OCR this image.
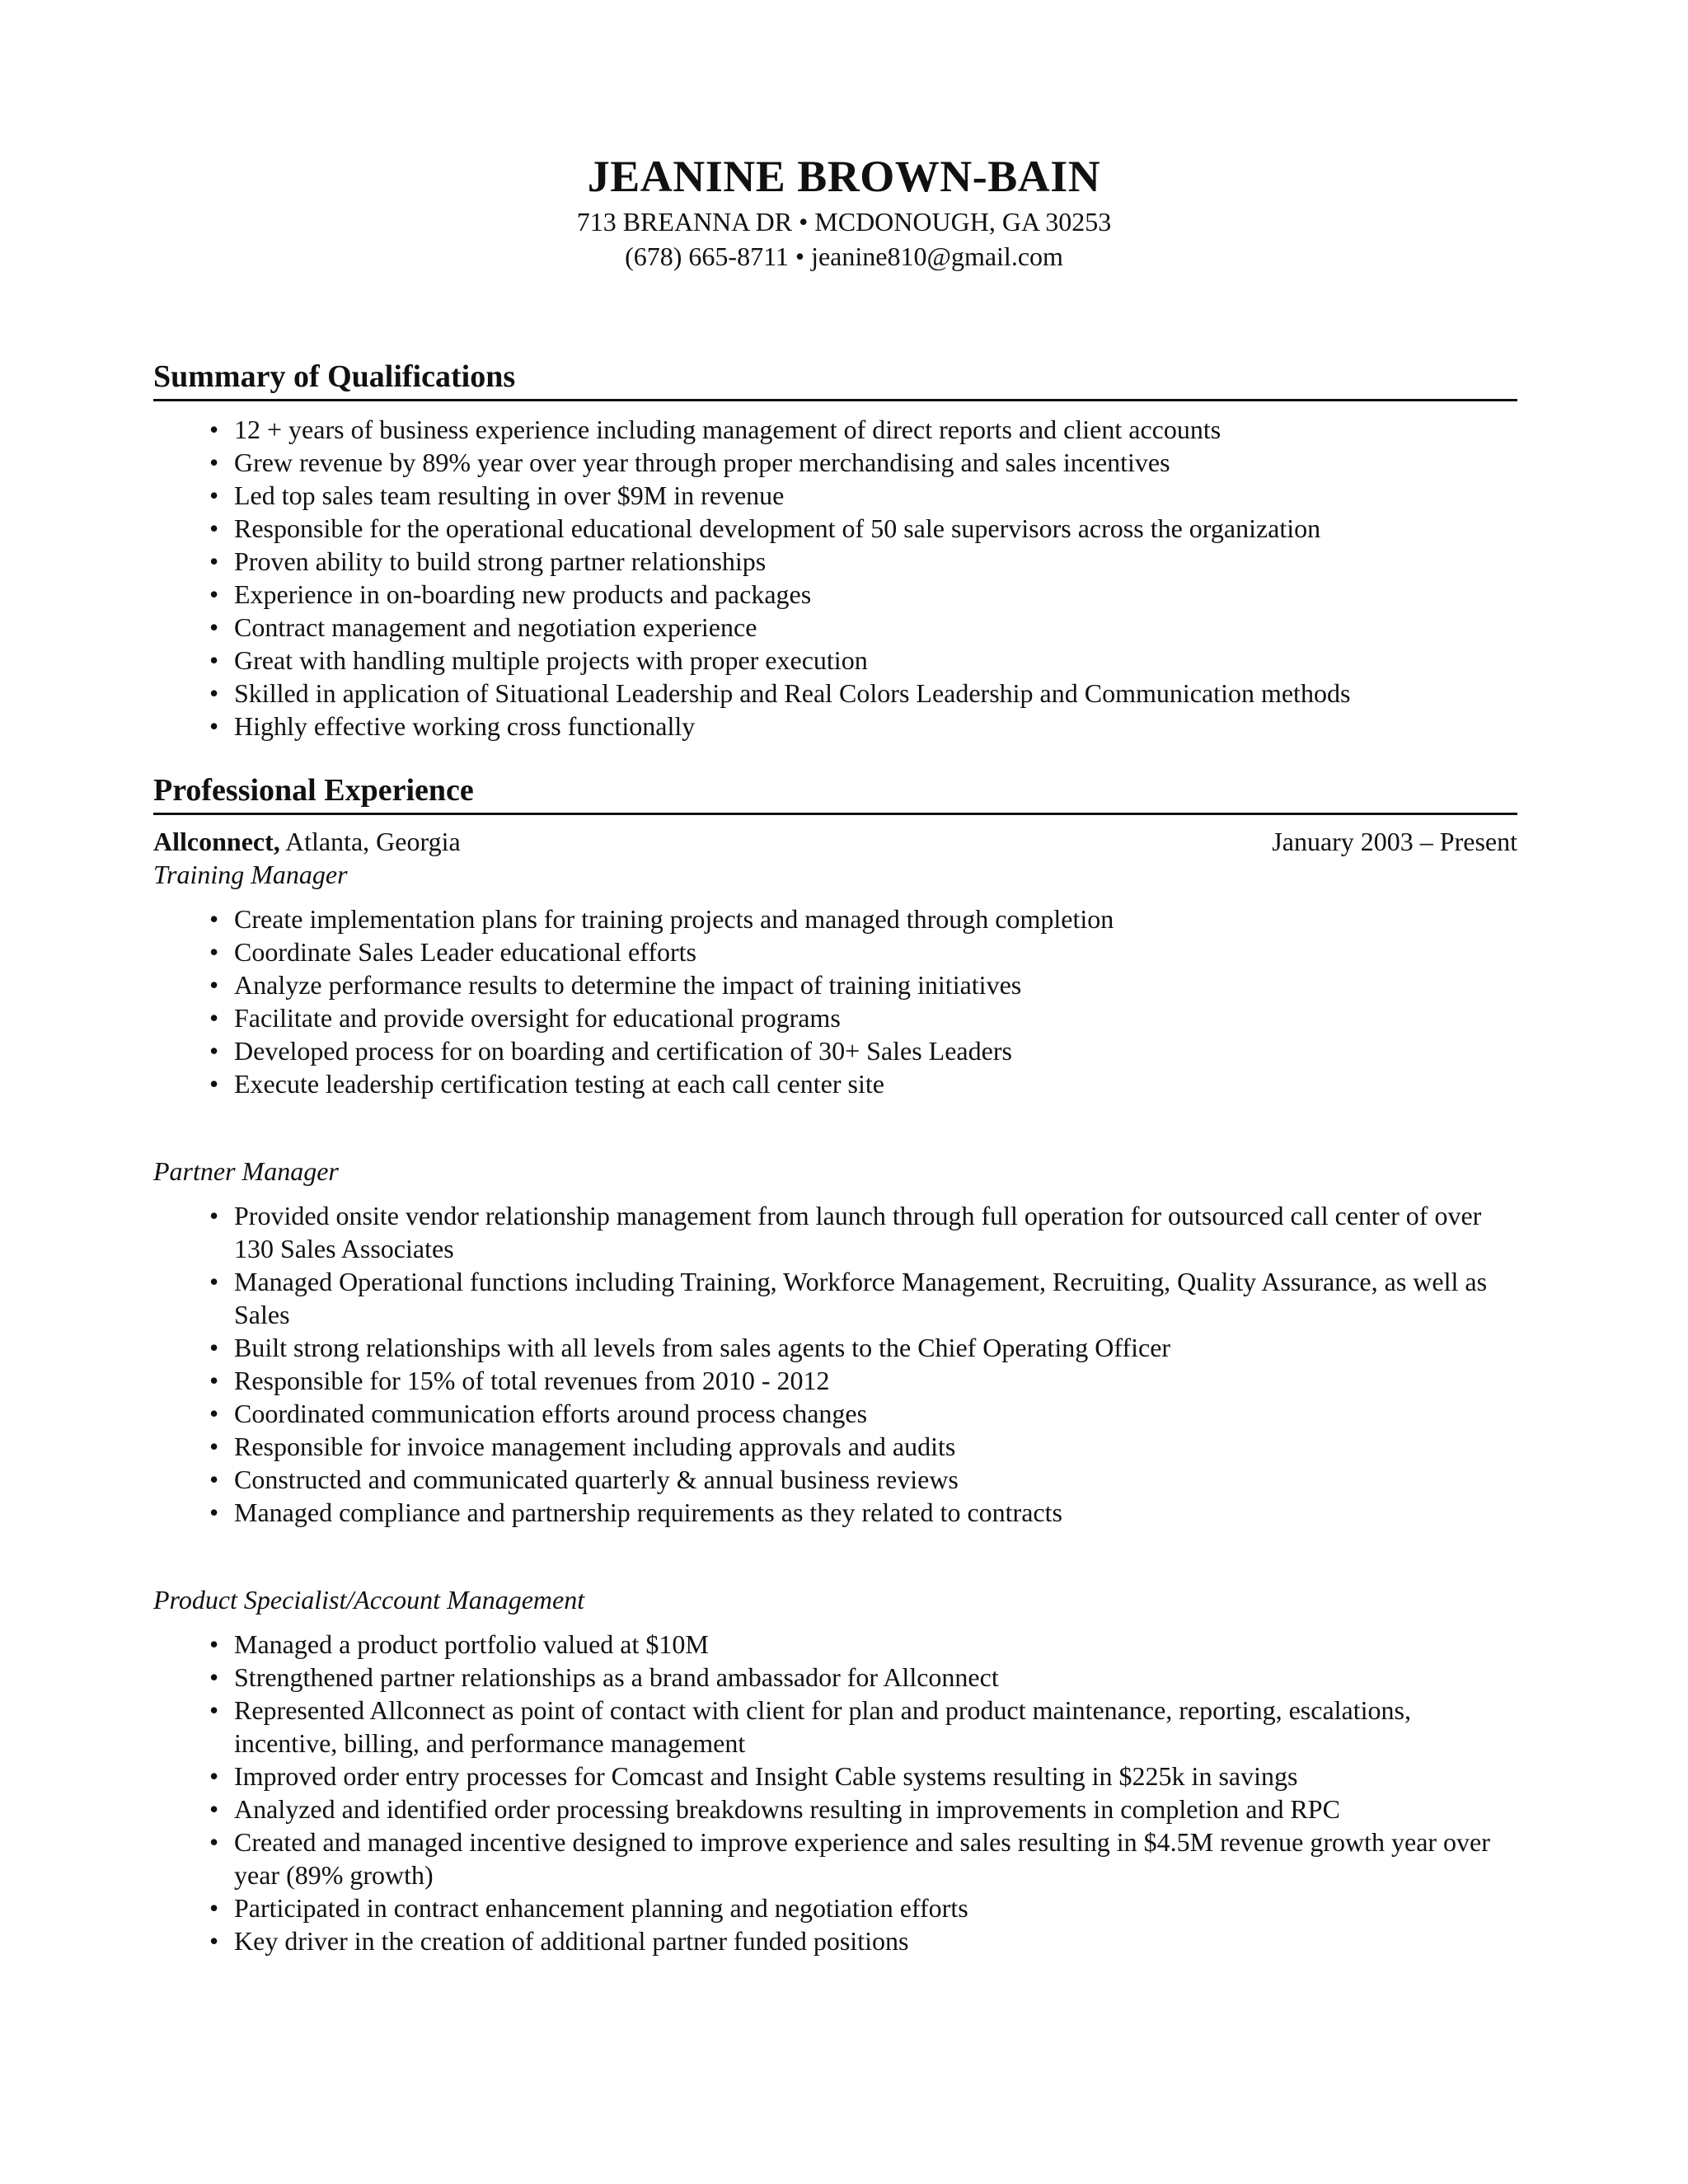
JEANINE BROWN-BAIN
713 BREANNA DR • MCDONOUGH, GA 30253
(678) 665-8711 • jeanine810@gmail.com
Summary of Qualifications
• 12 + years of business experience including management of direct reports and client accounts
• Grew revenue by 89% year over year through proper merchandising and sales incentives
• Led top sales team resulting in over $9M in revenue
• Responsible for the operational educational development of 50 sale supervisors across the organization
• Proven ability to build strong partner relationships
• Experience in on-boarding new products and packages
• Contract management and negotiation experience
• Great with handling multiple projects with proper execution
• Skilled in application of Situational Leadership and Real Colors Leadership and Communication methods
• Highly effective working cross functionally
Professional Experience
Allconnect, Atlanta, Georgia	January 2003 – Present
Training Manager
• Create implementation plans for training projects and managed through completion
• Coordinate Sales Leader educational efforts
• Analyze performance results to determine the impact of training initiatives
• Facilitate and provide oversight for educational programs
• Developed process for on boarding and certification of 30+ Sales Leaders
• Execute leadership certification testing at each call center site
Partner Manager
• Provided onsite vendor relationship management from launch through full operation for outsourced call center of over 130 Sales Associates
• Managed Operational functions including Training, Workforce Management, Recruiting, Quality Assurance, as well as Sales
• Built strong relationships with all levels from sales agents to the Chief Operating Officer
• Responsible for 15% of total revenues from 2010 - 2012
• Coordinated communication efforts around process changes
• Responsible for invoice management including approvals and audits
• Constructed and communicated quarterly & annual business reviews
• Managed compliance and partnership requirements as they related to contracts
Product Specialist/Account Management
• Managed a product portfolio valued at $10M
• Strengthened partner relationships as a brand ambassador for Allconnect
• Represented Allconnect as point of contact with client for plan and product maintenance, reporting, escalations, incentive, billing, and performance management
• Improved order entry processes for Comcast and Insight Cable systems resulting in $225k in savings
• Analyzed and identified order processing breakdowns resulting in improvements in completion and RPC
• Created and managed incentive designed to improve experience and sales resulting in $4.5M revenue growth year over year (89% growth)
• Participated in contract enhancement planning and negotiation efforts
• Key driver in the creation of additional partner funded positions
